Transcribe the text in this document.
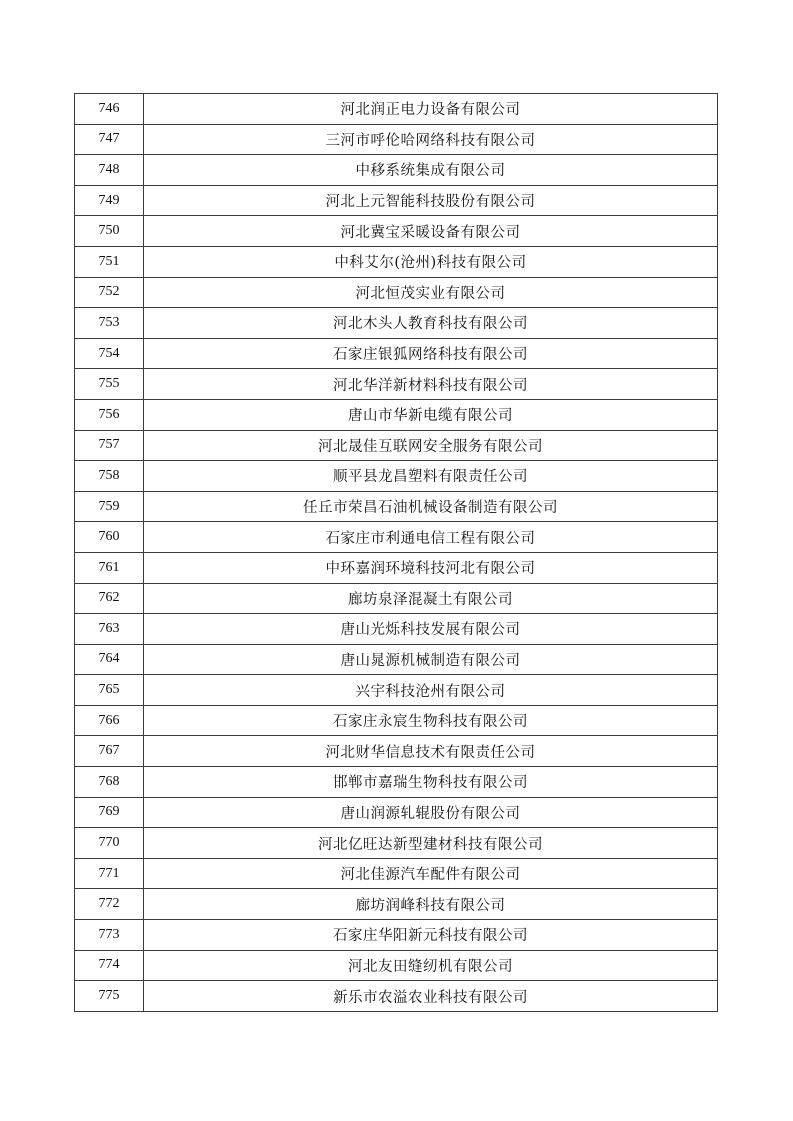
746	河北润正电力设备有限公司
747	三河市呼伦哈网络科技有限公司
748	中移系统集成有限公司
749	河北上元智能科技股份有限公司
750	河北冀宝采暖设备有限公司
751	中科艾尔(沧州)科技有限公司
752	河北恒茂实业有限公司
753	河北木头人教育科技有限公司
754	石家庄银狐网络科技有限公司
755	河北华洋新材料科技有限公司
756	唐山市华新电缆有限公司
757	河北晟佳互联网安全服务有限公司
758	顺平县龙昌塑料有限责任公司
759	任丘市荣昌石油机械设备制造有限公司
760	石家庄市利通电信工程有限公司
761	中环嘉润环境科技河北有限公司
762	廊坊泉泽混凝土有限公司
763	唐山光烁科技发展有限公司
764	唐山晁源机械制造有限公司
765	兴宇科技沧州有限公司
766	石家庄永宸生物科技有限公司
767	河北财华信息技术有限责任公司
768	邯郸市嘉瑞生物科技有限公司
769	唐山润源轧辊股份有限公司
770	河北亿旺达新型建材科技有限公司
771	河北佳源汽车配件有限公司
772	廊坊润峰科技有限公司
773	石家庄华阳新元科技有限公司
774	河北友田缝纫机有限公司
775	新乐市农溢农业科技有限公司
